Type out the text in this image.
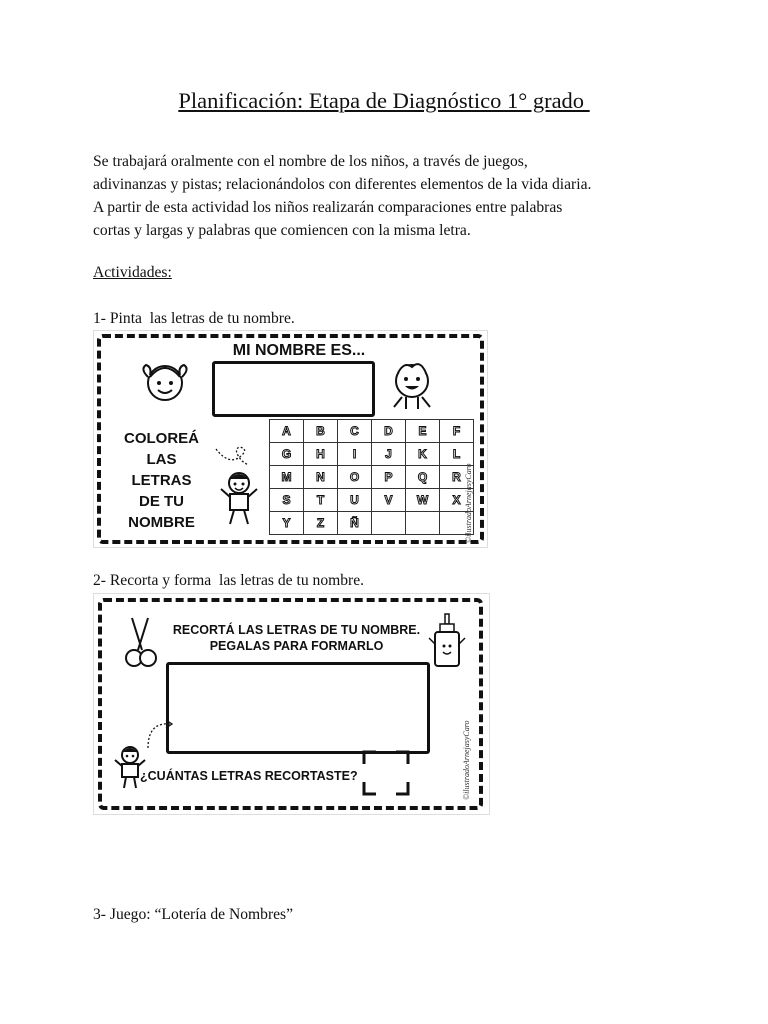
Planificación: Etapa de Diagnóstico 1° grado
Se trabajará oralmente con el nombre de los niños, a través de juegos,
adivinanzas y pistas; relacionándolos con diferentes elementos de la vida diaria.
A partir de esta actividad los niños realizarán comparaciones entre palabras
cortas y largas y palabras que comiencen con la misma letra.
Actividades:
1- Pinta  las letras de tu nombre.
MI NOMBRE ES...
COLOREÁ
LAS
LETRAS
DE TU
NOMBRE
A	B	C	D	E	F
G	H	I	J	K	L
M	N	O	P	Q	R
S	T	U	V	W	X
Y	Z	Ñ				©ilustradoArnejasyCaro
2- Recorta y forma  las letras de tu nombre.
RECORTÁ LAS LETRAS DE TU NOMBRE.
PEGALAS PARA FORMARLO
¿CUÁNTAS LETRAS RECORTASTE?	©ilustradoArnejasyCaro
3- Juego: “Lotería de Nombres”
